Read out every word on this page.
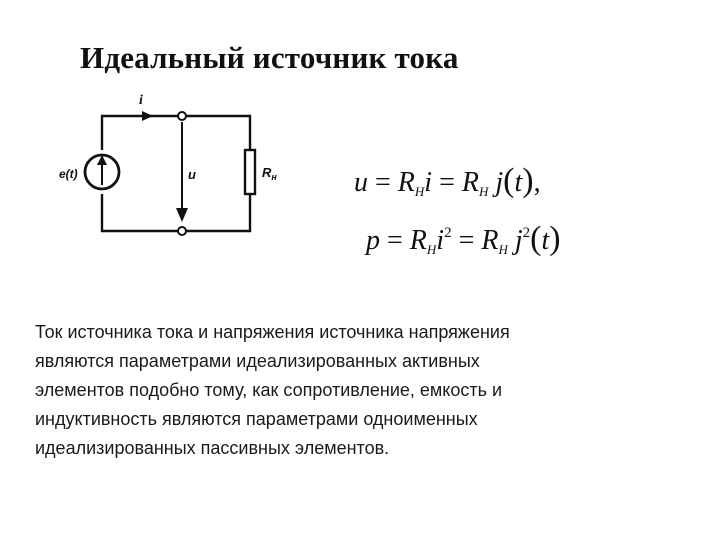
Идеальный источник тока
i
e(t)	u	$R_н$	$u = R_Hi = R_H$ j(t),
$p = R_Hi^2 = R_H$ $j^2(t)$
Ток источника тока и напряжения источника напряжения
являются параметрами идеализированных активных
элементов подобно тому, как сопротивление, емкость и
индуктивность являются параметрами одноименных
идеализированных пассивных элементов.
